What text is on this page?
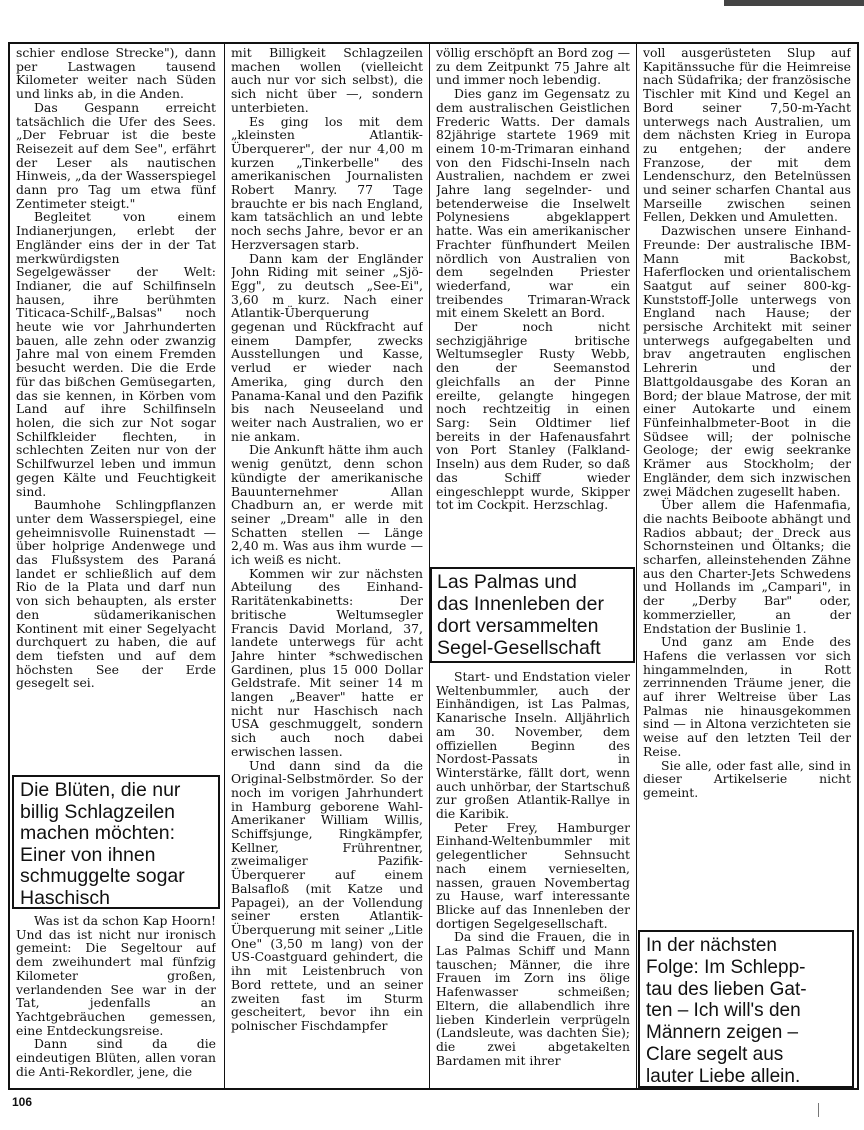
schier endlose Strecke"), dann per Lastwagen tausend Kilometer weiter nach Süden und links ab, in die Anden.

Das Gespann erreicht tatsächlich die Ufer des Sees. „Der Februar ist die beste Reisezeit auf dem See", erfährt der Leser als nautischen Hinweis, „da der Wasserspiegel dann pro Tag um etwa fünf Zentimeter steigt."

Begleitet von einem Indianerjungen, erlebt der Engländer eins der in der Tat merkwürdigsten Segelgewässer der Welt: Indianer, die auf Schilfinseln hausen, ihre berühmten Titicaca-Schilf-„Balsas" noch heute wie vor Jahrhunderten bauen, alle zehn oder zwanzig Jahre mal von einem Fremden besucht werden. Die die Erde für das bißchen Gemüsegarten, das sie kennen, in Körben vom Land auf ihre Schilfinseln holen, die sich zur Not sogar Schilfkleider flechten, in schlechten Zeiten nur von der Schilfwurzel leben und immun gegen Kälte und Feuchtigkeit sind.

Baumhohe Schlingpflanzen unter dem Wasserspiegel, eine geheimnisvolle Ruinenstadt — über holprige Andenwege und das Flußsystem des Paraná landet er schließlich auf dem Rio de la Plata und darf nun von sich behaupten, als erster den südamerikanischen Kontinent mit einer Segelyacht durchquert zu haben, die auf dem tiefsten und auf dem höchsten See der Erde gesegelt sei.

Die Blüten, die nur
billig Schlagzeilen
machen möchten:
Einer von ihnen
schmuggelte sogar
Haschisch

Was ist da schon Kap Hoorn! Und das ist nicht nur ironisch gemeint: Die Segeltour auf dem zweihundert mal fünfzig Kilometer großen, verlandenden See war in der Tat, jedenfalls an Yachtgebräuchen gemessen, eine Entdeckungsreise.

Dann sind da die eindeutigen Blüten, allen voran die Anti-Rekordler, jene, die

mit Billigkeit Schlagzeilen machen wollen (vielleicht auch nur vor sich selbst), die sich nicht über —, sondern unterbieten.

Es ging los mit dem „kleinsten Atlantik-Überquerer", der nur 4,00 m kurzen „Tinkerbelle" des amerikanischen Journalisten Robert Manry. 77 Tage brauchte er bis nach England, kam tatsächlich an und lebte noch sechs Jahre, bevor er an Herzversagen starb.

Dann kam der Engländer John Riding mit seiner „Sjö-Egg", zu deutsch „See-Ei", 3,60 m kurz. Nach einer Atlantik-Überquerung gegenan und Rückfracht auf einem Dampfer, zwecks Ausstellungen und Kasse, verlud er wieder nach Amerika, ging durch den Panama-Kanal und den Pazifik bis nach Neuseeland und weiter nach Australien, wo er nie ankam.

Die Ankunft hätte ihm auch wenig genützt, denn schon kündigte der amerikanische Bauunternehmer Allan Chadburn an, er werde mit seiner „Dream" alle in den Schatten stellen — Länge 2,40 m. Was aus ihm wurde — ich weiß es nicht.

Kommen wir zur nächsten Abteilung des Einhand-Raritätenkabinetts: Der britische Weltumsegler Francis David Morland, 37, landete unterwegs für acht Jahre hinter *schwedischen Gardinen, plus 15 000 Dollar Geldstrafe. Mit seiner 14 m langen „Beaver" hatte er nicht nur Haschisch nach USA geschmuggelt, sondern sich auch noch dabei erwischen lassen.

Und dann sind da die Original-Selbstmörder. So der noch im vorigen Jahrhundert in Hamburg geborene Wahl-Amerikaner William Willis, Schiffsjunge, Ringkämpfer, Kellner, Frührentner, zweimaliger Pazifik-Überquerer auf einem Balsafloß (mit Katze und Papagei), an der Vollendung seiner ersten Atlantik-Überquerung mit seiner „Litle One" (3,50 m lang) von der US-Coastguard gehindert, die ihn mit Leistenbruch von Bord rettete, und an seiner zweiten fast im Sturm gescheitert, bevor ihn ein polnischer Fischdampfer

völlig erschöpft an Bord zog — zu dem Zeitpunkt 75 Jahre alt und immer noch lebendig.

Dies ganz im Gegensatz zu dem australischen Geistlichen Frederic Watts. Der damals 82jährige startete 1969 mit einem 10-m-Trimaran einhand von den Fidschi-Inseln nach Australien, nachdem er zwei Jahre lang segelnder- und betenderweise die Inselwelt Polynesiens abgeklappert hatte. Was ein amerikanischer Frachter fünfhundert Meilen nördlich von Australien von dem segelnden Priester wiederfand, war ein treibendes Trimaran-Wrack mit einem Skelett an Bord.

Der noch nicht sechzigjährige britische Weltumsegler Rusty Webb, den der Seemanstod gleichfalls an der Pinne ereilte, gelangte hingegen noch rechtzeitig in einen Sarg: Sein Oldtimer lief bereits in der Hafenausfahrt von Port Stanley (Falkland-Inseln) aus dem Ruder, so daß das Schiff wieder eingeschleppt wurde, Skipper tot im Cockpit. Herzschlag.

Las Palmas und
das Innenleben der
dort versammelten
Segel-Gesellschaft

Start- und Endstation vieler Weltenbummler, auch der Einhändigen, ist Las Palmas, Kanarische Inseln. Alljährlich am 30. November, dem offiziellen Beginn des Nordost-Passats in Winterstärke, fällt dort, wenn auch unhörbar, der Startschuß zur großen Atlantik-Rallye in die Karibik.

Peter Frey, Hamburger Einhand-Weltenbummler mit gelegentlicher Sehnsucht nach einem vernieselten, nassen, grauen Novembertag zu Hause, warf interessante Blicke auf das Innenleben der dortigen Segelgesellschaft.

Da sind die Frauen, die in Las Palmas Schiff und Mann tauschen; Männer, die ihre Frauen im Zorn ins ölige Hafenwasser schmeißen; Eltern, die allabendlich ihre lieben Kinderlein verprügeln (Landsleute, was dachten Sie); die zwei abgetakelten Bardamen mit ihrer

voll ausgerüsteten Slup auf Kapitänssuche für die Heimreise nach Südafrika; der französische Tischler mit Kind und Kegel an Bord seiner 7,50-m-Yacht unterwegs nach Australien, um dem nächsten Krieg in Europa zu entgehen; der andere Franzose, der mit dem Lendenschurz, den Betelnüssen und seiner scharfen Chantal aus Marseille zwischen seinen Fellen, Dekken und Amuletten.

Dazwischen unsere Einhand-Freunde: Der australische IBM-Mann mit Backobst, Haferflocken und orientalischem Saatgut auf seiner 800-kg-Kunststoff-Jolle unterwegs von England nach Hause; der persische Architekt mit seiner unterwegs aufgegabelten und brav angetrauten englischen Lehrerin und der Blattgoldausgabe des Koran an Bord; der blaue Matrose, der mit einer Autokarte und einem Fünfeinhalbmeter-Boot in die Südsee will; der polnische Geologe; der ewig seekranke Krämer aus Stockholm; der Engländer, dem sich inzwischen zwei Mädchen zugesellt haben.

Über allem die Hafenmafia, die nachts Beiboote abhängt und Radios abbaut; der Dreck aus Schornsteinen und Öltanks; die scharfen, alleinstehenden Zähne aus den Charter-Jets Schwedens und Hollands im „Campari", in der „Derby Bar" oder, kommerzieller, an der Endstation der Buslinie 1.

Und ganz am Ende des Hafens die verlassen vor sich hingammelnden, in Rott zerrinnenden Träume jener, die auf ihrer Weltreise über Las Palmas nie hinausgekommen sind — in Altona verzichteten sie weise auf den letzten Teil der Reise.

Sie alle, oder fast alle, sind in dieser Artikelserie nicht gemeint.

In der nächsten
Folge: Im Schlepp-
tau des lieben Gat-
ten – Ich will's den
Männern zeigen –
Clare segelt aus
lauter Liebe allein.
106
